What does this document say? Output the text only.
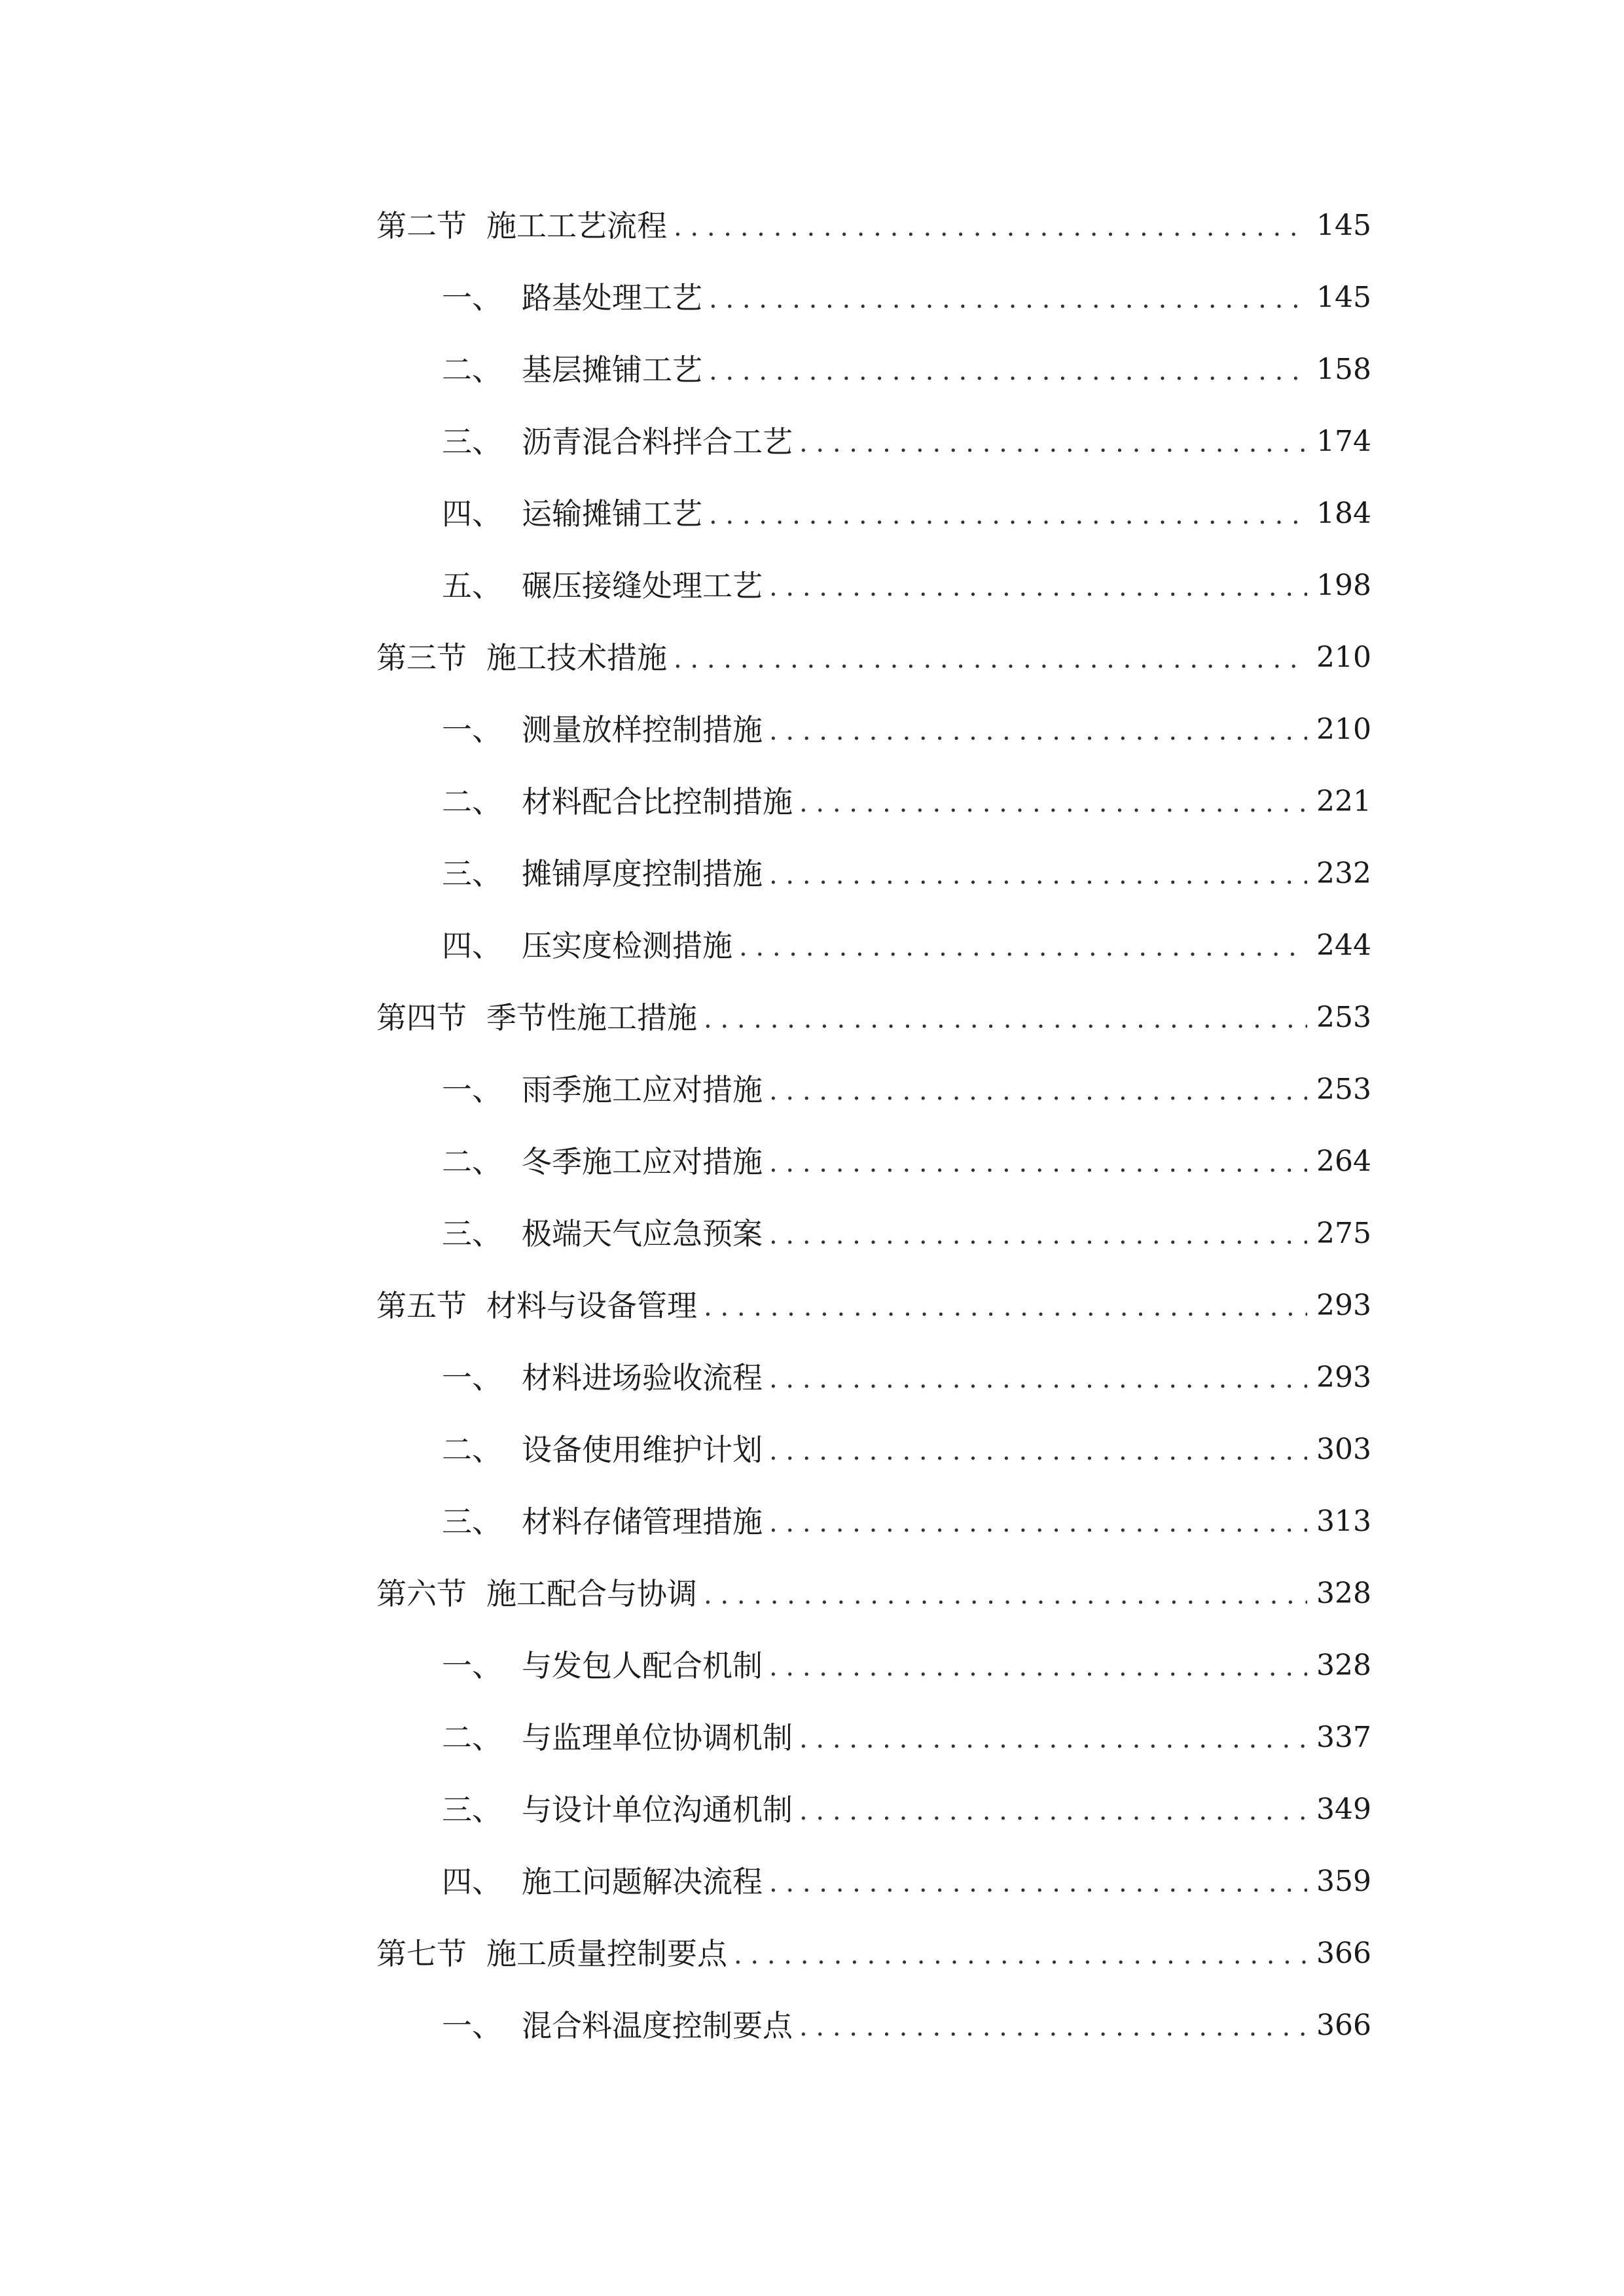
第二节 施工工艺流程 . . .	145
一、 路基处理工艺 . . .	145
二、 基层摊铺工艺 . . .	158
三、 沥青混合料拌合工艺 . . .	174
四、 运输摊铺工艺 . . .	184
五、 碾压接缝处理工艺 . . .	198
第三节 施工技术措施 . . .	210
一、 测量放样控制措施 . . .	210
二、 材料配合比控制措施 . . .	221
三、 摊铺厚度控制措施 . . .	232
四、 压实度检测措施 . . .	244
第四节 季节性施工措施 . . .	253
一、 雨季施工应对措施 . . .	253
二、 冬季施工应对措施 . . .	264
三、 极端天气应急预案 . . .	275
第五节 材料与设备管理 . . .	293
一、 材料进场验收流程 . . .	293
二、 设备使用维护计划 . . .	303
三、 材料存储管理措施 . . .	313
第六节 施工配合与协调 . . .	328
一、 与发包人配合机制 . . .	328
二、 与监理单位协调机制 . . .	337
三、 与设计单位沟通机制 . . .	349
四、 施工问题解决流程 . . .	359
第七节 施工质量控制要点 . . .	366
一、 混合料温度控制要点 . . .	366
